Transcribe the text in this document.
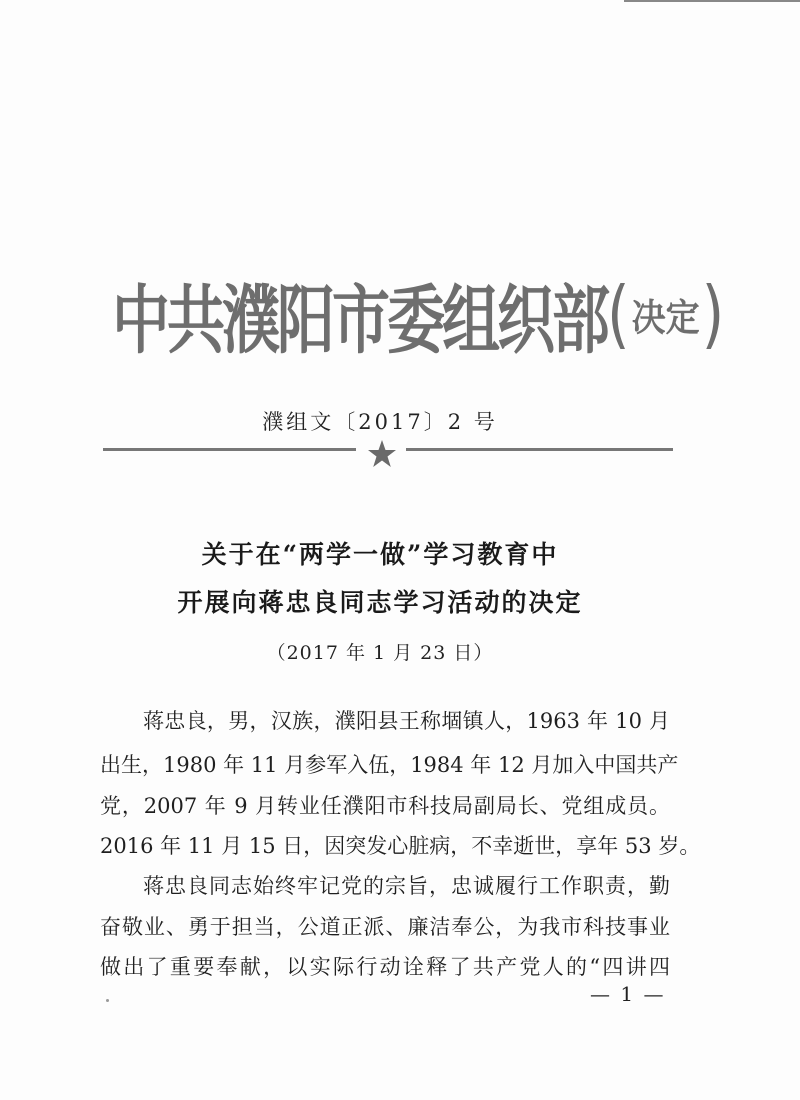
中共濮阳市委组织部 ( 决定 )
濮组文〔2017〕2 号
关于在“两学一做”学习教育中
开展向蒋忠良同志学习活动的决定
（2017 年 1 月 23 日）
蒋忠良，男，汉族，濮阳县王称堌镇人，1963 年 10 月
出生，1980 年 11 月参军入伍，1984 年 12 月加入中国共产
党，2007 年 9 月转业任濮阳市科技局副局长、党组成员。
2016 年 11 月 15 日，因突发心脏病，不幸逝世，享年 53 岁。
蒋忠良同志始终牢记党的宗旨，忠诚履行工作职责，勤
奋敬业、勇于担当，公道正派、廉洁奉公，为我市科技事业
做出了重要奉献，以实际行动诠释了共产党人的“四讲四
— 1 —
